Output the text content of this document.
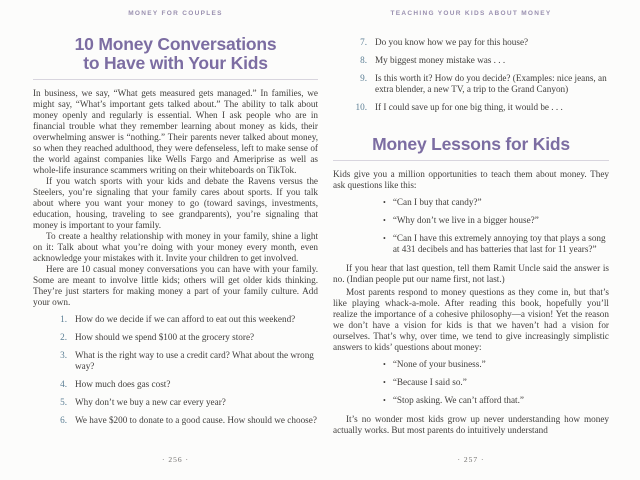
MONEY FOR COUPLES
10 Money Conversations
to Have with Your Kids

In business, we say, “What gets measured gets managed.” In families, we might say, “What’s important gets talked about.” The ability to talk about money openly and regularly is essential. When I ask people who are in financial trouble what they remember learning about money as kids, their overwhelming answer is “nothing.” Their parents never talked about money, so when they reached adulthood, they were defenseless, left to make sense of the world against companies like Wells Fargo and Ameriprise as well as whole-life insurance scammers writing on their whiteboards on TikTok.

If you watch sports with your kids and debate the Ravens versus the Steelers, you’re signaling that your family cares about sports. If you talk about where you want your money to go (toward savings, investments, education, housing, traveling to see grandparents), you’re signaling that money is important to your family.

To create a healthy relationship with money in your family, shine a light on it: Talk about what you’re doing with your money every month, even acknowledge your mistakes with it. Invite your children to get involved.

Here are 10 casual money conversations you can have with your family. Some are meant to involve little kids; others will get older kids thinking. They’re just starters for making money a part of your family culture. Add your own.

1. How do we decide if we can afford to eat out this weekend?
2. How should we spend $100 at the grocery store?
3. What is the right way to use a credit card? What about the wrong way?
4. How much does gas cost?
5. Why don’t we buy a new car every year?
6. We have $200 to donate to a good cause. How should we choose?
· 256 ·
TEACHING YOUR KIDS ABOUT MONEY
7. Do you know how we pay for this house?
8. My biggest money mistake was . . .
9. Is this worth it? How do you decide? (Examples: nice jeans, an extra blender, a new TV, a trip to the Grand Canyon)
10. If I could save up for one big thing, it would be . . .
Money Lessons for Kids

Kids give you a million opportunities to teach them about money. They ask questions like this:

• “Can I buy that candy?”
• “Why don’t we live in a bigger house?”
• “Can I have this extremely annoying toy that plays a song at 431 decibels and has batteries that last for 11 years?”

If you hear that last question, tell them Ramit Uncle said the answer is no. (Indian people put our name first, not last.)

Most parents respond to money questions as they come in, but that’s like playing whack-a-mole. After reading this book, hopefully you’ll realize the importance of a cohesive philosophy—a vision! Yet the reason we don’t have a vision for kids is that we haven’t had a vision for ourselves. That’s why, over time, we tend to give increasingly simplistic answers to kids’ questions about money:

• “None of your business.”
• “Because I said so.”
• “Stop asking. We can’t afford that.”

It’s no wonder most kids grow up never understanding how money actually works. But most parents do intuitively understand

· 257 ·
